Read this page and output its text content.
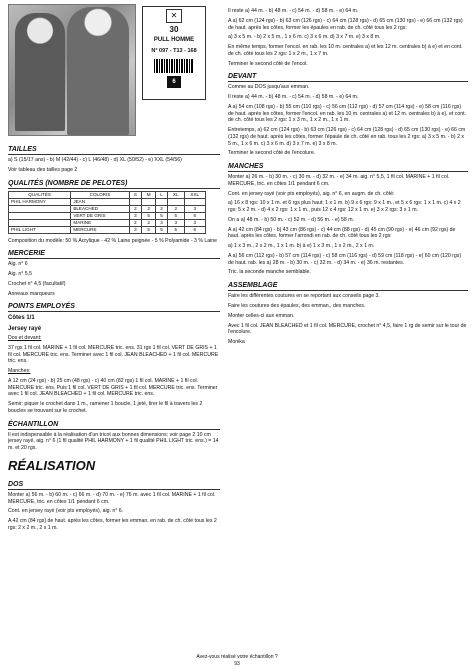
✕
30
PULL HOMME
N° 097 - T13 - 168
6
TAILLES

a) S (15/17 ans) - b) M (42/44) - c) L (46/48) - d) XL (50/52) - e) XXL (54/56)

Voir tableau des tailles page 2

QUALITÉS (NOMBRE DE PELOTES)
QUALITÉS	COLORIS	S	M	L	XL	XXL
PHIL HARMONY	JEAN					
	BLEACHED	2	2	2	2	3
	VERT DE GRIS	3	5	5	5	6
	MARINE	2	2	3	3	3
PHIL LIGHT	MERCURE	3	5	5	5	6

Composition du modèle: 50 % Acrylique - 42 % Laine peignée - 5 % Polyamide - 3 % Laine

MERCERIE

Aig. n° 6

Aig. n° 5,5

Crochet n° 4,5 (facultatif)

Anneaux marqueurs

POINTS EMPLOYÉS
Côtes 1/1
Jersey rayé

Dos et devant:

37 rgs 1 fil col. MARINE + 1 fil col. MERCURE tric. ens. 31 rgs 1 fil col. VERT DE GRIS + 1 fil col. MERCURE tric. ens. Terminer avec 1 fil col. JEAN BLEACHED + 1 fil col. MERCURE tric. ens.

Manches:

A 12 cm (24 rgs) - b) 25 cm (48 rgs) - c) 40 cm (82 rgs) 1 fil col. MARINE + 1 fil col. MERCURE tric. ens. Puis 1 fil col. VERT DE GRIS + 1 fil col. MERCURE tric. ens. Terminer avec 1 fil col. JEAN BLEACHED + 1 fil col. MERCURE tric. ens.

Semir: piquer le crochet dans 1 m., ramener 1 boucle, 1 jeté, tirer le fil à travers les 2 boucles se trouvant sur le crochet.

ÉCHANTILLON

Il est indispensable à la réalisation d'un tricot aux bonnes dimensions: voir page 2 10 cm jersey rayé, aig. n° 6 (1 fil qualité PHIL HARMONY + 1 fil qualité PHIL LIGHT tric. ens.) = 14 m. et 20 rgs.

RÉALISATION
DOS

Monter a) 56 m. - b) 60 m. - c) 66 m. - d) 70 m. - e) 76 m. avec 1 fil col. MARINE + 1 fil col. MERCURE, tric. en côtes 1/1 pendant 6 cm.

Cont. en jersey rayé (voir pts employés), aig. n° 6.

A 42 cm (84 rgs) de haut. après les côtes, former les emman. en rab. de ch. côté tous les 2 rgs: 2 x 2 m., 2 x 1 m.

Il reste a) 44 m. - b) 48 m. - c) 54 m. - d) 58 m. - e) 64 m.

A a) 62 cm (124 rgs) - b) 63 cm (126 rgs) - c) 64 cm (128 rgs) - d) 65 cm (130 rgs) - e) 66 cm (132 rgs) de haut. après les côtes, former les épaules en rab. de ch. côté tous les 2 rgs:

a) 3 x 5 m. - b) 2 x 5 m., 1 x 6 m. c) 3 x 6 m. d) 3 x 7 m. e) 3 x 8 m.

En même temps, former l'encol. en rab. les 10 m. centrales a) et les 12 m. centrales b) à e) et en cont. de ch. côté tous les 2 rgs: 1 x 2 m., 1 x 7 m.

Terminer le second côté de l'encol.

DEVANT

Comme au DOS jusqu'aux emman.

Il reste a) 44 m. - b) 48 m. - c) 54 m. - d) 58 m. - e) 64 m.

A a) 54 cm (108 rgs) - b) 55 cm (110 rgs) - c) 56 cm (112 rgs) - d) 57 cm (114 rgs) - e) 58 cm (116 rgs) de haut. après les côtes, former l'encol. en rab. les 10 m. centrales a) et 12 m. centrales b) à e), et cont. de ch. côté tous les 2 rgs: 1 x 3 m., 1 x 2 m., 1 x 1 m.

Entretemps, a) 62 cm (124 rgs) - b) 63 cm (126 rgs) - c) 64 cm (128 rgs) - d) 65 cm (130 rgs) - e) 66 cm (132 rgs) de haut. après les côtes, former l'épaule de ch. côté en rab. tous les 2 rgs: a) 3 x 5 m. - b) 2 x 5 m., 1 x 6 m. c) 3 x 6 m. d) 3 x 7 m. e) 3 x 8 m.

Terminer le second côté de l'encolure.

MANCHES

Monter a) 26 m. - b) 30 m. - c) 30 m. - d) 32 m. - e) 34 m. aig. n° 5,5, 1 fil col. MARINE + 1 fil col. MERCURE, tric. en côtes 1/1 pendant 6 cm.

Cont. en jersey rayé (voir pts employés), aig. n° 6, en augm. de ch. côté:

a) 16 x 8 rgs: 10 x 1 m. et 6 rgs plus haut: 1 x 1 m. b) 9 x 6 rgs: 9 x 1 m., et 5 x 6 rgs: 1 x 1 m. c) 4 x 2 rgs: 5 x 2 m. - d) 4 x 2 rgs: 1 x 1 m., puis 12 x 4 rgs: 12 x 1 m. e) 3 x 2 rgs: 3 x 1 m.

On a a) 48 m. - b) 50 m. - c) 52 m. - d) 56 m. - e) 58 m.

A a) 42 cm (84 rgs) - b) 43 cm (86 rgs) - c) 44 cm (88 rgs) - d) 45 cm (90 rgs) - e) 46 cm (92 rgs) de haut. après les côtes, former l'arrondi en rab. de ch. côté tous les 2 rgs:

a) 1 x 3 m., 2 x 2 m., 1 x 1 m. b) à e) 1 x 3 m., 1 x 2 m., 2 x 1 m.

A a) 56 cm (112 rgs) - b) 57 cm (114 rgs) - c) 58 cm (116 rgs) - d) 59 cm (118 rgs) - e) 60 cm (120 rgs) de haut. rab. les a) 28 m. - b) 30 m. - c) 32 m. - d) 34 m. - e) 36 m. restantes.

Tric. la seconde manche semblable.

ASSEMBLAGE

Faire les différentes coutures en se reportant aux conseils page 3.

Faire les coutures des épaules, des emman., des manches.

Monter celles-ci aux emman.

Avec 1 fil col. JEAN BLEACHED et 1 fil col. MERCURE, crochet n° 4,5, faire 1 rg de semir sur le tour de l'encolure.

Monika

Avez-vous réalisé votre échantillon ?
93
